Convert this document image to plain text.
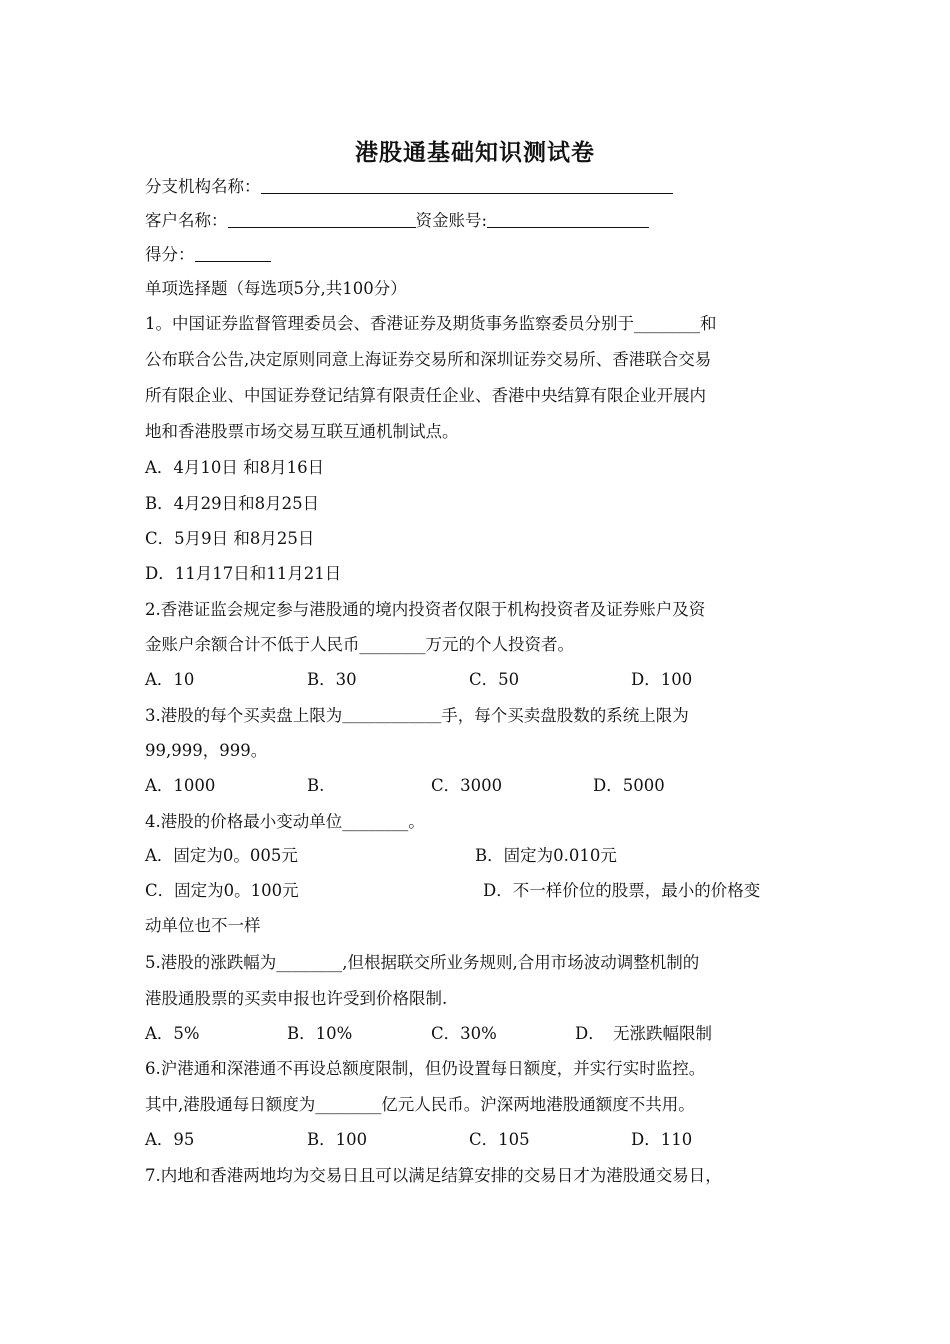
港股通基础知识测试卷
分支机构名称：
客户名称：	资金账号:
得分：
单项选择题（每选项5分,共100分）
1。中国证券监督管理委员会、香港证券及期货事务监察委员分别于________和
公布联合公告,决定原则同意上海证券交易所和深圳证券交易所、香港联合交易
所有限企业、中国证券登记结算有限责任企业、香港中央结算有限企业开展内
地和香港股票市场交易互联互通机制试点。
A．4月10日 和8月16日
B．4月29日和8月25日
C．5月9日 和8月25日
D．11月17日和11月21日
2.香港证监会规定参与港股通的境内投资者仅限于机构投资者及证券账户及资
金账户余额合计不低于人民币________万元的个人投资者。
A．10	B．30	C．50	D．100
3.港股的每个买卖盘上限为＿＿＿＿＿＿手，每个买卖盘股数的系统上限为
99,999，999。
A．1000	B.	C．3000	D．5000
4.港股的价格最小变动单位________。
A．固定为0。005元	B．固定为0.010元
C．固定为0。100元	D．不一样价位的股票，最小的价格变
动单位也不一样
5.港股的涨跌幅为________,但根据联交所业务规则,合用市场波动调整机制的
港股通股票的买卖申报也许受到价格限制.
A．5%	B．10%	C．30%	D．　无涨跌幅限制
6.沪港通和深港通不再设总额度限制，但仍设置每日额度，并实行实时监控。
其中,港股通每日额度为________亿元人民币。沪深两地港股通额度不共用。
A．95	B．100	C．105	D．110
7.内地和香港两地均为交易日且可以满足结算安排的交易日才为港股通交易日，
